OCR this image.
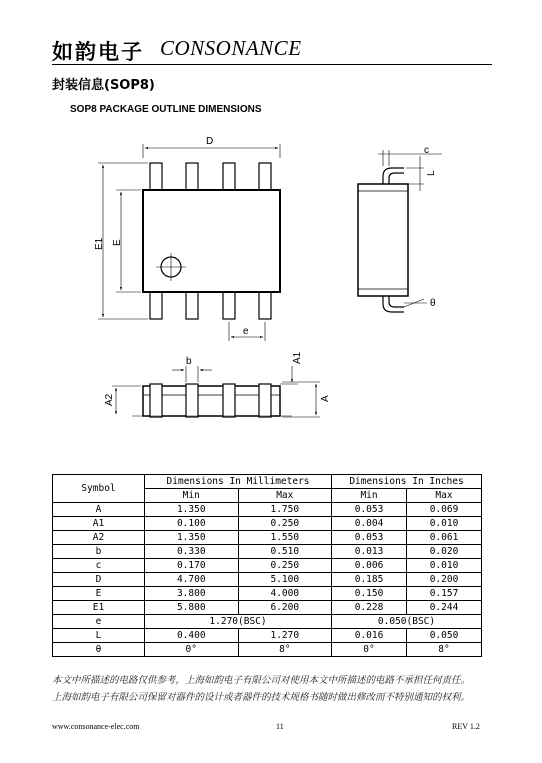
如韵电子 CONSONANCE
封装信息(SOP8)
SOP8 PACKAGE OUTLINE DIMENSIONS
D
E1 E
e
c
L
θ
b	A1
A2	A
Symbol	Dimensions In Millimeters		Dimensions In Inches	
	Min	Max	Min	Max
A	1.350	1.750	0.053	0.069
A1	0.100	0.250	0.004	0.010
A2	1.350	1.550	0.053	0.061
b	0.330	0.510	0.013	0.020
c	0.170	0.250	0.006	0.010
D	4.700	5.100	0.185	0.200
E	3.800	4.000	0.150	0.157
E1	5.800	6.200	0.228	0.244
e	1.270(BSC)		0.050(BSC)	
L	0.400	1.270	0.016	0.050
θ	0°	8°	0°	8°
本文中所描述的电路仅供参考，上海如韵电子有限公司对使用本文中所描述的电路不承担任何责任。
上海如韵电子有限公司保留对器件的设计或者器件的技术规格书随时做出修改而不特别通知的权利。
www.consonance-elec.com	11	REV 1.2
